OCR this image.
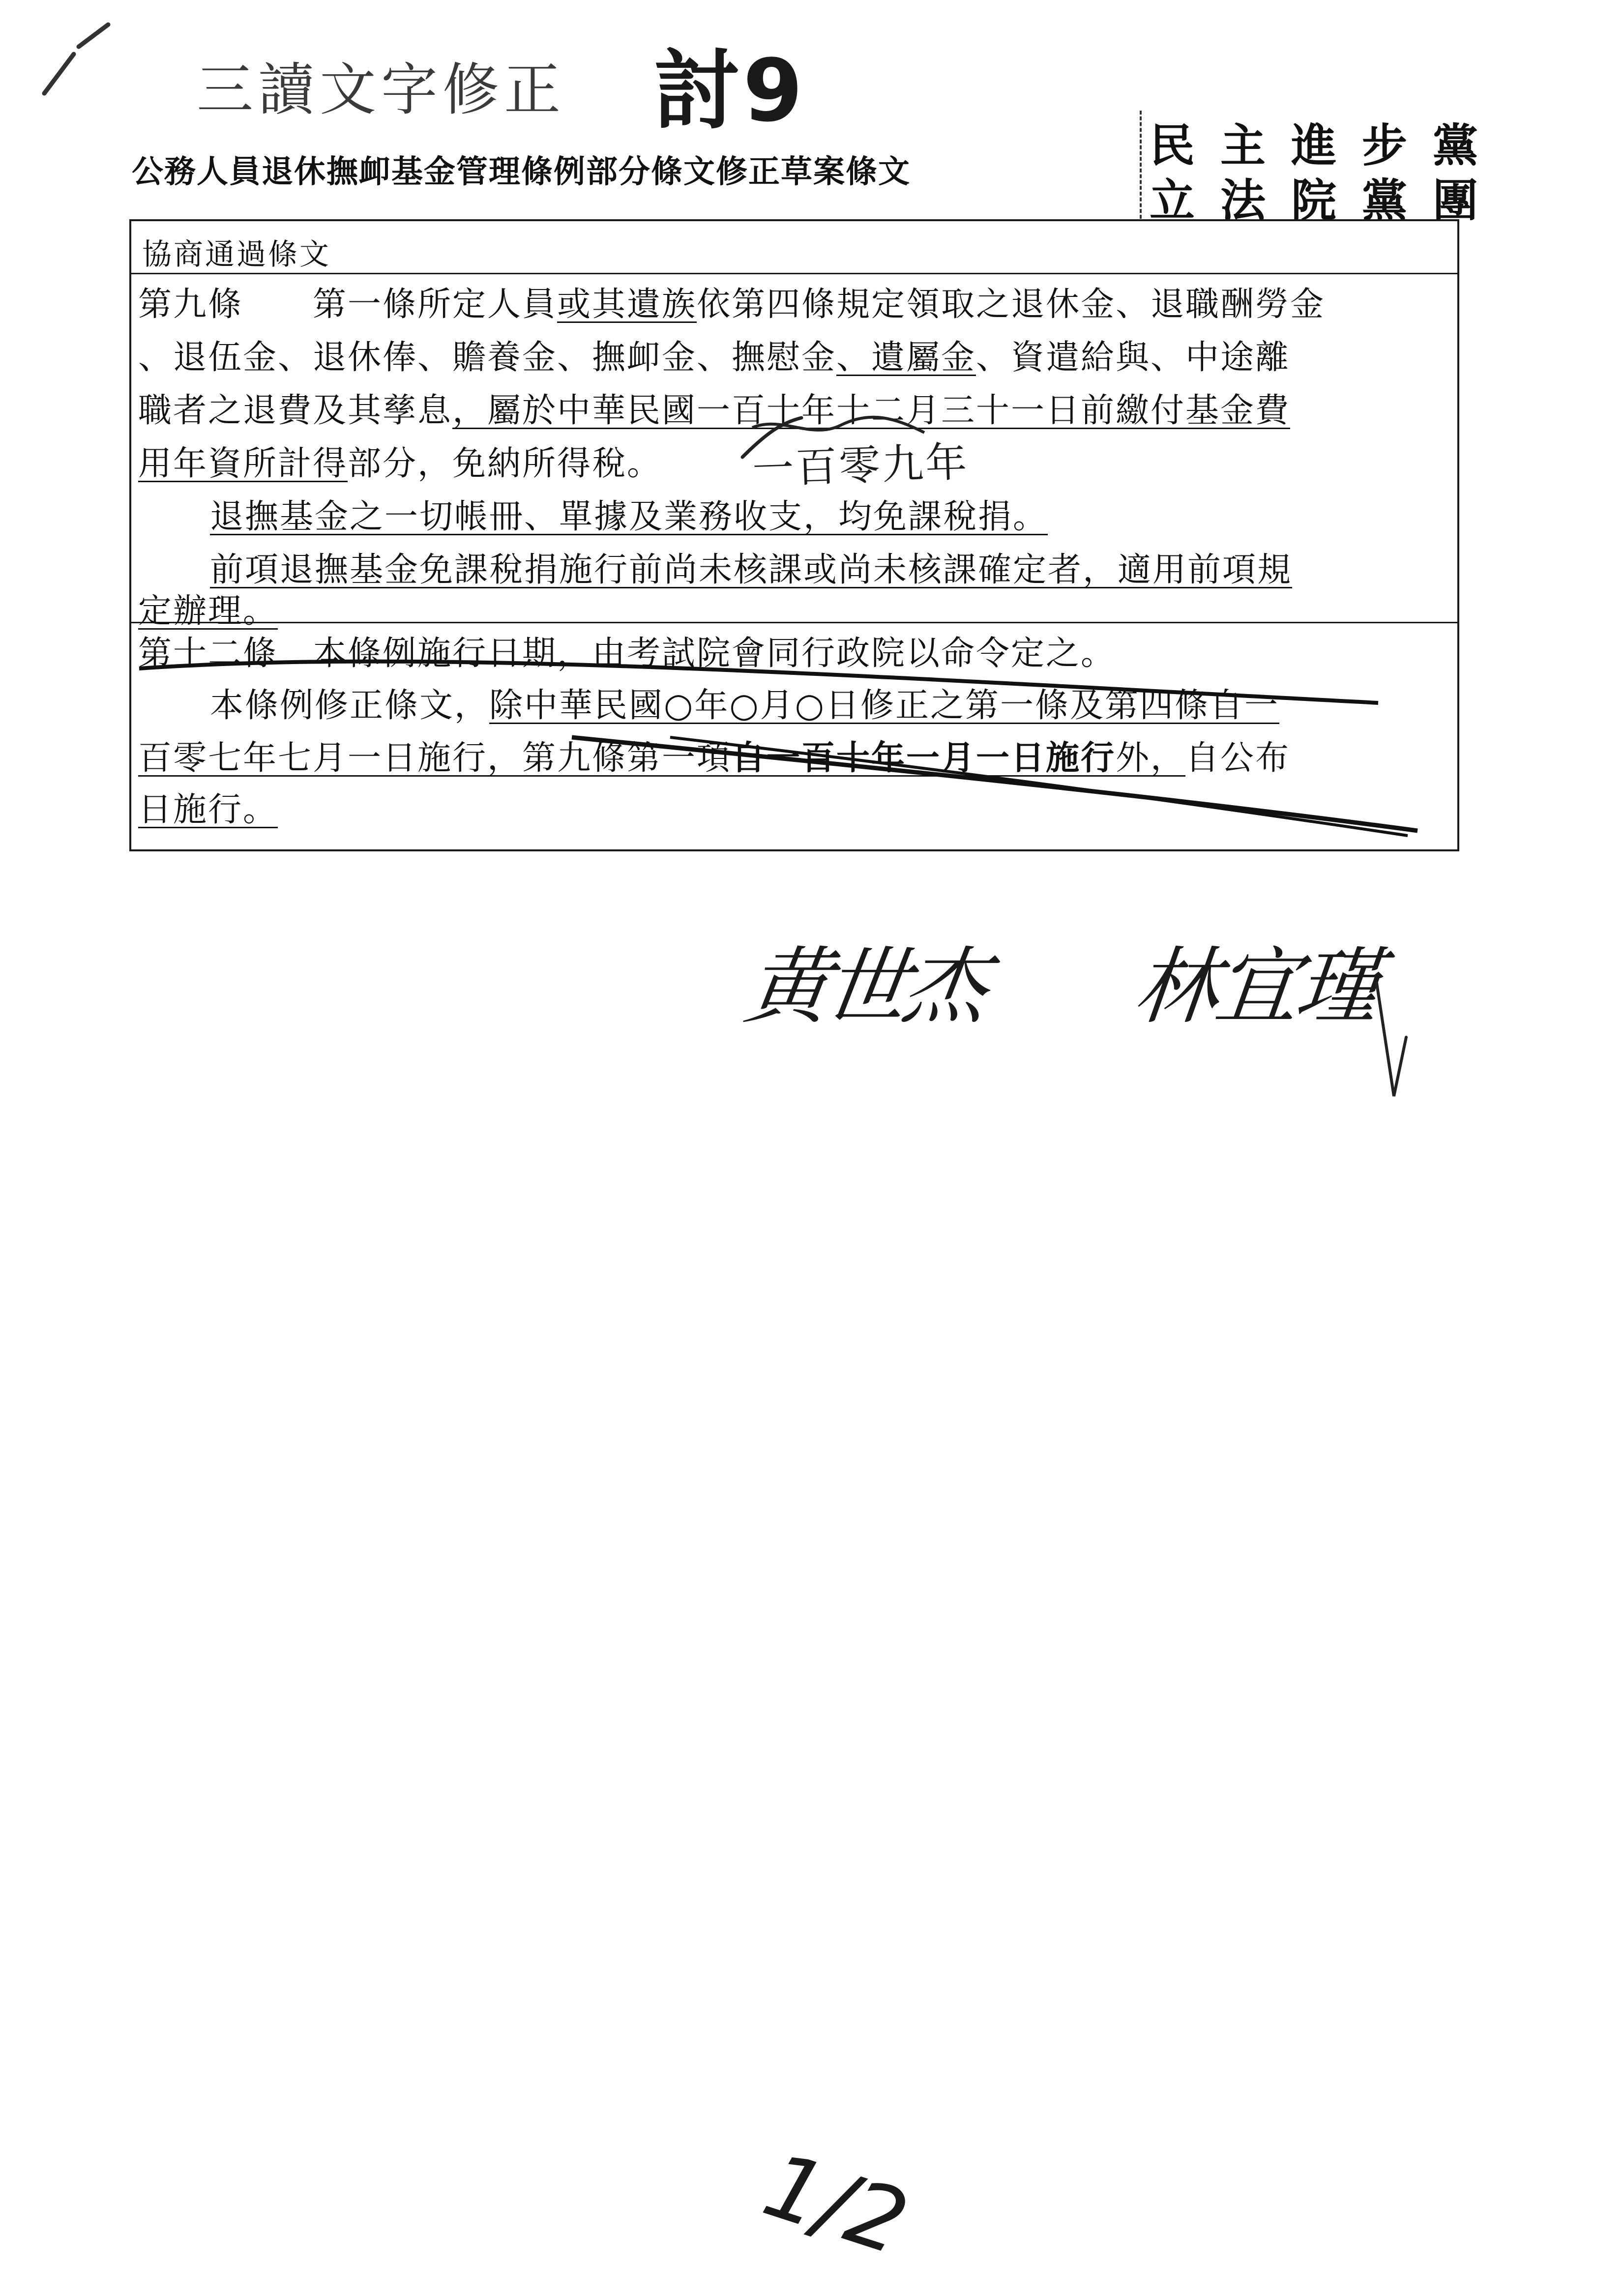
三讀文字修正 討9
公務人員退休撫卹基金管理條例部分條文修正草案條文	民主進步黨
立法院黨團
協商通過條文
第九條　　 第一條所定人員或其遺族依第四條規定領取之退休金、退職酬勞金
、退伍金、退休俸、贍養金、撫卹金、撫慰金、遺屬金、資遣給與、中途離
職者之退費及其孳息，屬於中華民國一百十年十二月三十一日前繳付基金費
用年資所計得部分，免納所得稅。
退撫基金之一切帳冊、單據及業務收支，均免課稅捐。
前項退撫基金免課稅捐施行前尚未核課或尚未核課確定者，適用前項規
定辦理。
第十二條　 本條例施行日期，由考試院會同行政院以命令定之。
本條例修正條文，除中華民國○年○月○日修正之第一條及第四條自一
百零七年七月一日施行，第九條第一項自一百十年一月一日施行外，自公布
日施行。
一百零九年
黄世杰 林宜瑾
1/2
